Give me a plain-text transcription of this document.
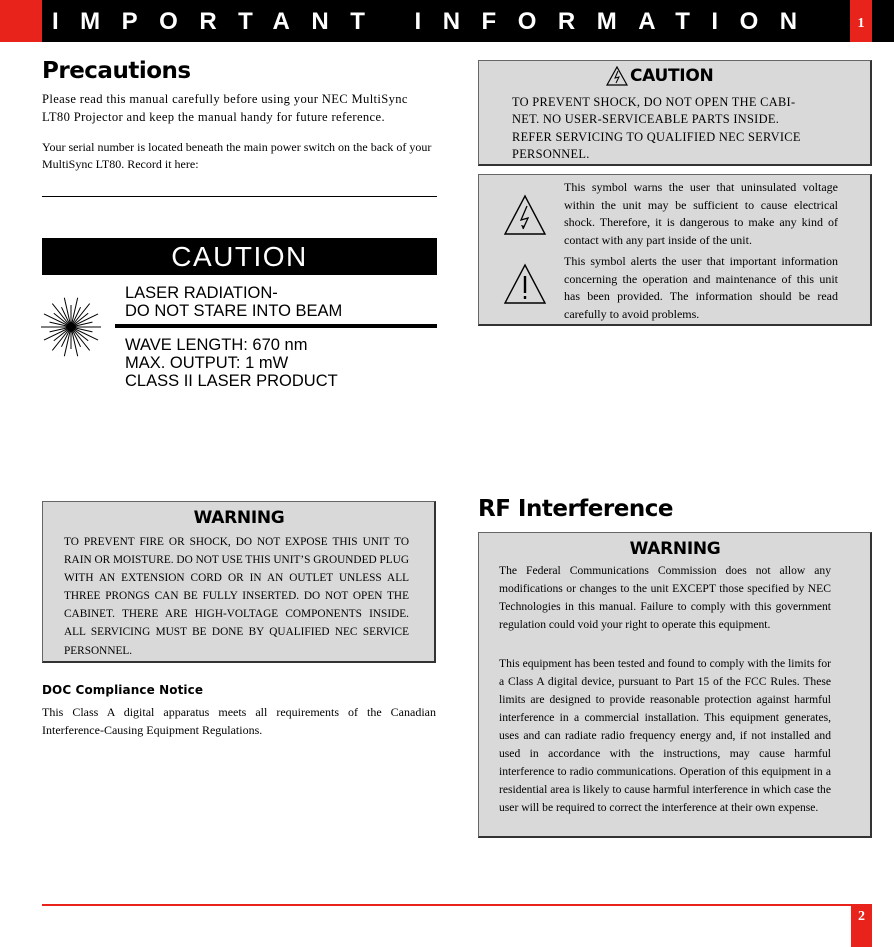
IMPORTANT INFORMATION	1
Precautions
Please read this manual carefully before using your NEC MultiSync LT80 Projector and keep the manual handy for future reference.
Your serial number is located beneath the main power switch on the back of your MultiSync LT80. Record it here:
CAUTION
LASER RADIATION-
DO NOT STARE INTO BEAM
WAVE LENGTH: 670 nm
MAX. OUTPUT: 1 mW
CLASS II LASER PRODUCT
CAUTION
TO PREVENT SHOCK, DO NOT OPEN THE CABI-
NET. NO USER-SERVICEABLE PARTS INSIDE.
REFER SERVICING TO QUALIFIED NEC SERVICE
PERSONNEL.
This symbol warns the user that uninsulated voltage within the unit may be sufficient to cause electrical shock. Therefore, it is dangerous to make any kind of contact with any part inside of the unit.
This symbol alerts the user that important information concerning the operation and maintenance of this unit has been provided. The information should be read carefully to avoid problems.
WARNING
TO PREVENT FIRE OR SHOCK, DO NOT EXPOSE THIS UNIT TO RAIN OR MOISTURE. DO NOT USE THIS UNIT’S GROUNDED PLUG WITH AN EXTENSION CORD OR IN AN OUTLET UNLESS ALL THREE PRONGS CAN BE FULLY INSERTED. DO NOT OPEN THE CABINET. THERE ARE HIGH-VOLTAGE COMPONENTS INSIDE. ALL SERVICING MUST BE DONE BY QUALIFIED NEC SERVICE PERSONNEL.
DOC Compliance Notice
This Class A digital apparatus meets all requirements of the Canadian Interference-Causing Equipment Regulations.
RF Interference
WARNING
The Federal Communications Commission does not allow any modifications or changes to the unit EXCEPT those specified by NEC Technologies in this manual. Failure to comply with this government regulation could void your right to operate this equipment.
This equipment has been tested and found to comply with the limits for a Class A digital device, pursuant to Part 15 of the FCC Rules. These limits are designed to provide reasonable protection against harmful interference in a commercial installation. This equipment generates, uses and can radiate radio frequency energy and, if not installed and used in accordance with the instructions, may cause harmful interference to radio communications. Operation of this equipment in a residential area is likely to cause harmful interference in which case the user will be required to correct the interference at their own expense.
2
